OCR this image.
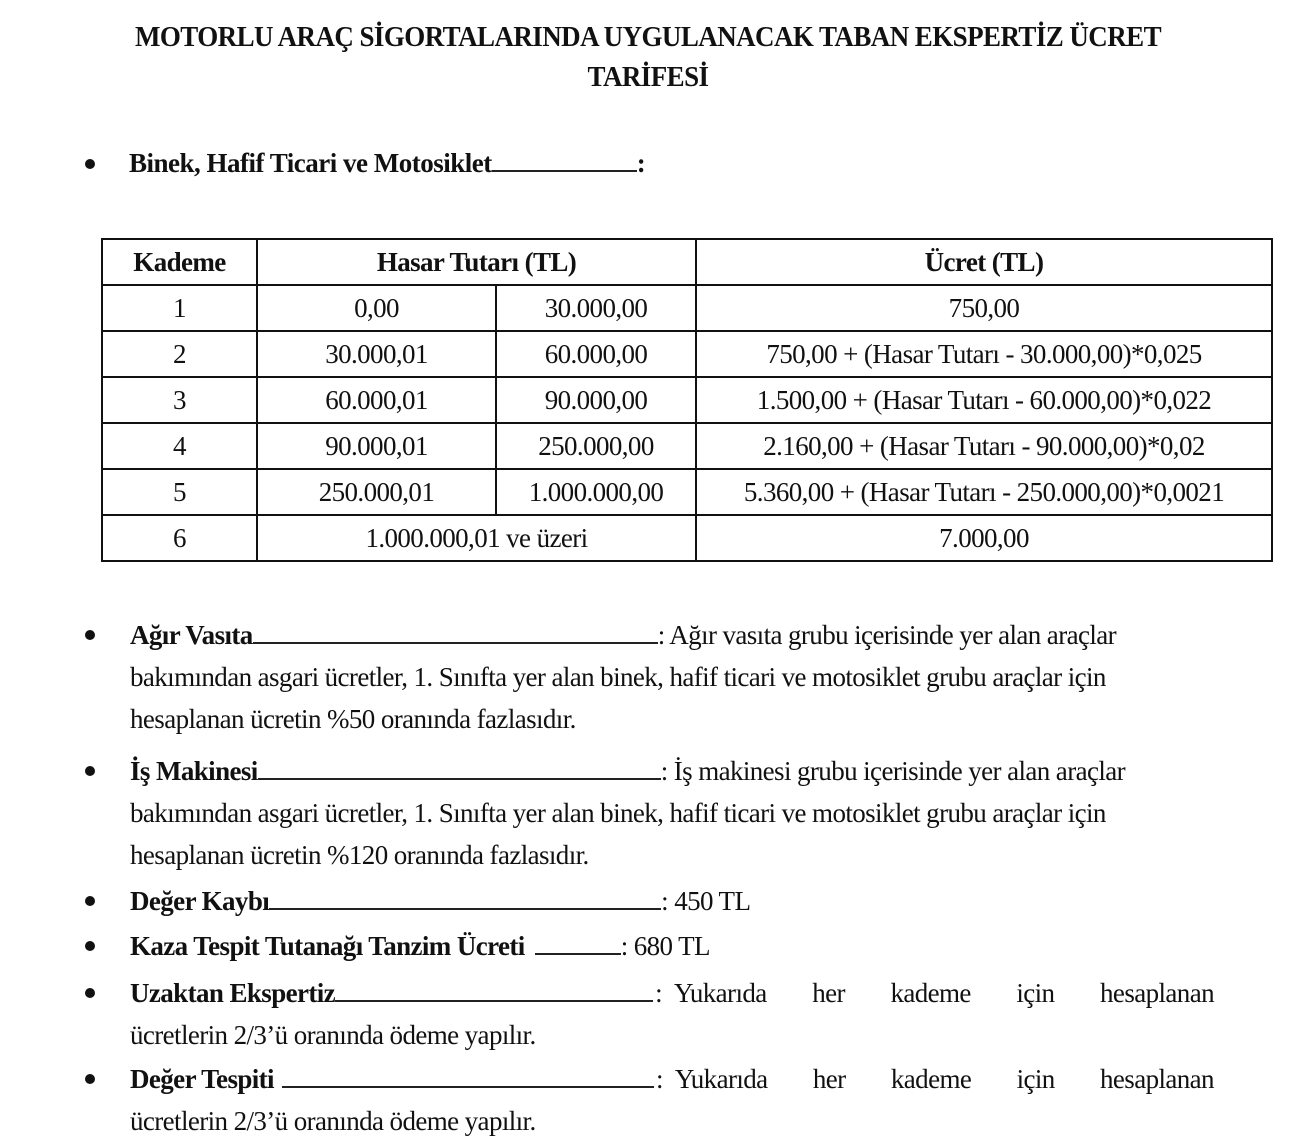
MOTORLU ARAÇ SİGORTALARINDA UYGULANACAK TABAN EKSPERTİZ ÜCRET
TARİFESİ
Binek, Hafif Ticari ve Motosiklet	:
Kademe	Hasar Tutarı (TL)		Ücret (TL)
1	0,00	30.000,00	750,00
2	30.000,01	60.000,00	750,00 + (Hasar Tutarı - 30.000,00)*0,025
3	60.000,01	90.000,00	1.500,00 + (Hasar Tutarı - 60.000,00)*0,022
4	90.000,01	250.000,00	2.160,00 + (Hasar Tutarı - 90.000,00)*0,02
5	250.000,01	1.000.000,00	5.360,00 + (Hasar Tutarı - 250.000,00)*0,0021
6	1.000.000,01 ve üzeri		7.000,00
Ağır Vasıta	: Ağır vasıta grubu içerisinde yer alan araçlar
bakımından asgari ücretler, 1. Sınıfta yer alan binek, hafif ticari ve motosiklet grubu araçlar için
hesaplanan ücretin %50 oranında fazlasıdır.
İş Makinesi	: İş makinesi grubu içerisinde yer alan araçlar
bakımından asgari ücretler, 1. Sınıfta yer alan binek, hafif ticari ve motosiklet grubu araçlar için
hesaplanan ücretin %120 oranında fazlasıdır.
Değer Kaybı	: 450 TL
Kaza Tespit Tutanağı Tanzim Ücreti	: 680 TL
Uzaktan Ekspertiz	: Yukarıda her kademe için hesaplanan
ücretlerin 2/3’ü oranında ödeme yapılır.
Değer Tespiti	: Yukarıda her kademe için hesaplanan
ücretlerin 2/3’ü oranında ödeme yapılır.
